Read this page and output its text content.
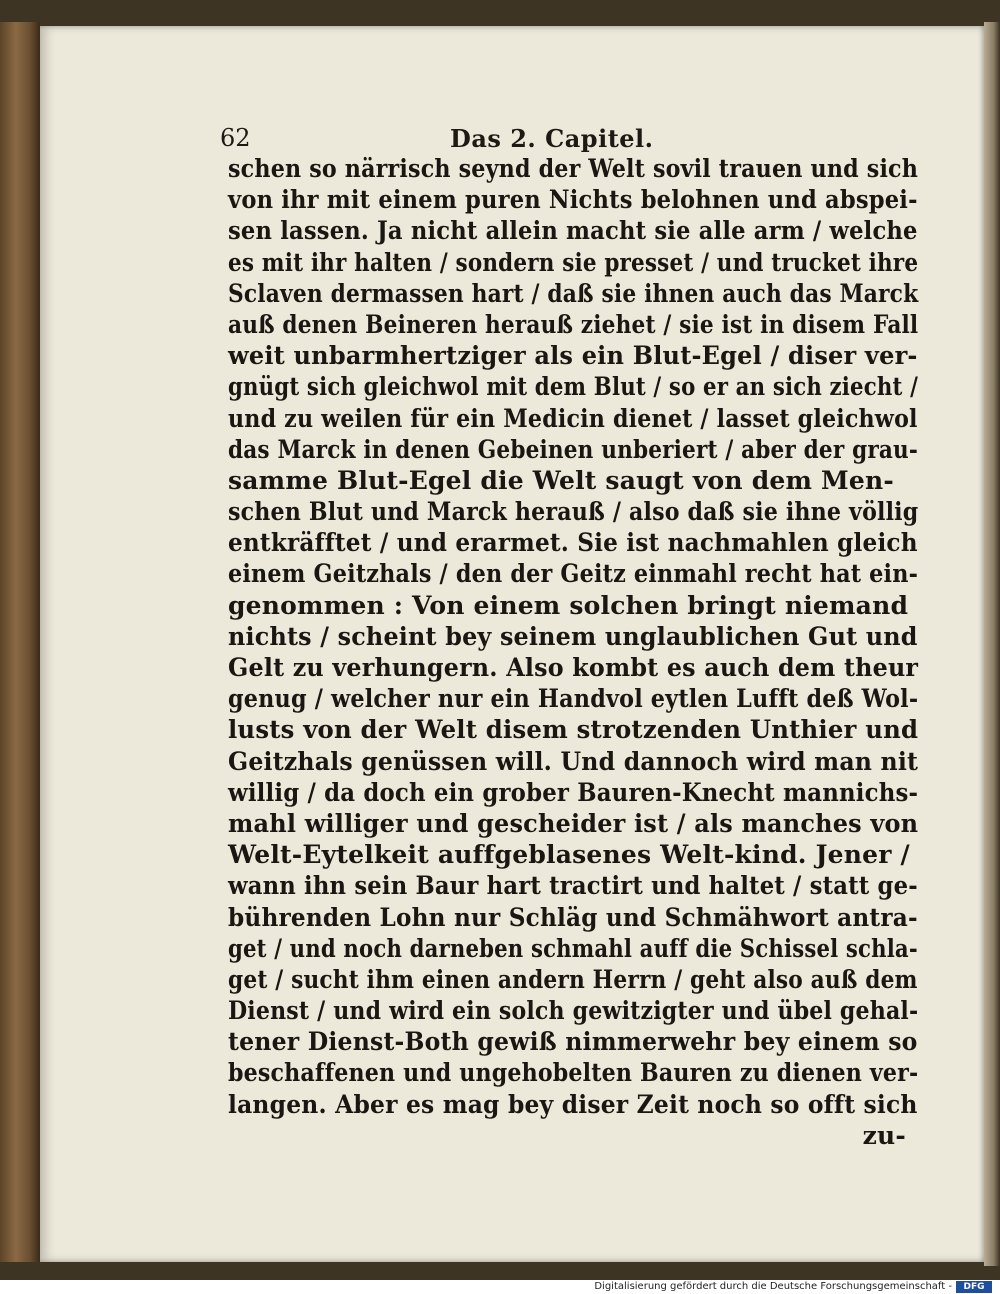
62	Das 2. Capitel.
schen so närrisch seynd der Welt sovil trauen und sich
von ihr mit einem puren Nichts belohnen und abspei-
sen lassen. Ja nicht allein macht sie alle arm / welche
es mit ihr halten / sondern sie presset / und trucket ihre
Sclaven dermassen hart / daß sie ihnen auch das Marck
auß denen Beineren herauß ziehet / sie ist in disem Fall
weit unbarmhertziger als ein Blut-Egel / diser ver-
gnügt sich gleichwol mit dem Blut / so er an sich ziecht /
und zu weilen für ein Medicin dienet / lasset gleichwol
das Marck in denen Gebeinen unberiert / aber der grau-
samme Blut-Egel die Welt saugt von dem Men-
schen Blut und Marck herauß / also daß sie ihne völlig
entkräfftet / und erarmet. Sie ist nachmahlen gleich
einem Geitzhals / den der Geitz einmahl recht hat ein-
genommen : Von einem solchen bringt niemand
nichts / scheint bey seinem unglaublichen Gut und
Gelt zu verhungern. Also kombt es auch dem theur
genug / welcher nur ein Handvol eytlen Lufft deß Wol-
lusts von der Welt disem strotzenden Unthier und
Geitzhals genüssen will. Und dannoch wird man nit
willig / da doch ein grober Bauren-Knecht mannichs-
mahl williger und gescheider ist / als manches von
Welt-Eytelkeit auffgeblasenes Welt-kind. Jener /
wann ihn sein Baur hart tractirt und haltet / statt ge-
bührenden Lohn nur Schläg und Schmähwort antra-
get / und noch darneben schmahl auff die Schissel schla-
get / sucht ihm einen andern Herrn / geht also auß dem
Dienst / und wird ein solch gewitzigter und übel gehal-
tener Dienst-Both gewiß nimmerwehr bey einem so
beschaffenen und ungehobelten Bauren zu dienen ver-
langen. Aber es mag bey diser Zeit noch so offt sich
zu-
Digitalisierung gefördert durch die Deutsche Forschungsgemeinschaft -	DFG
